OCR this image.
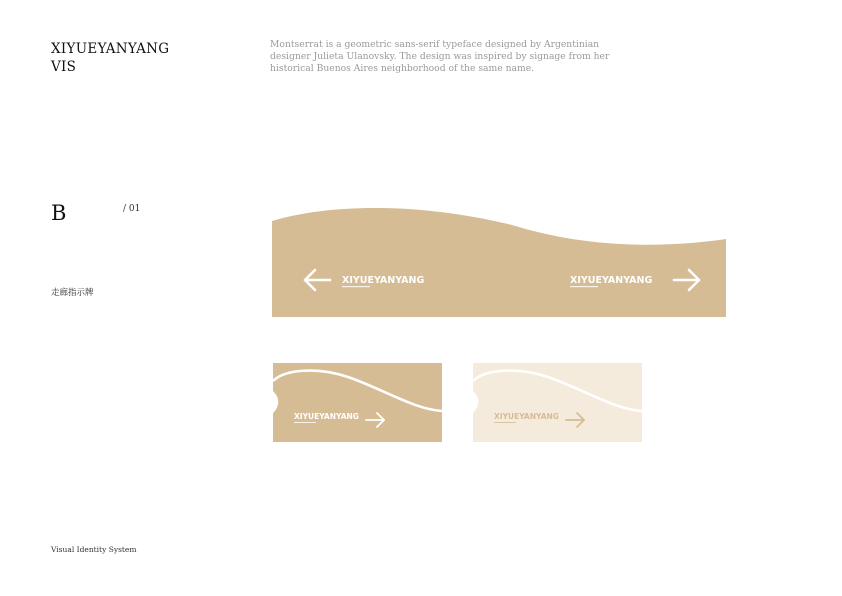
XIYUEYANYANG
VIS
Montserrat is a geometric sans-serif typeface designed by Argentinian
designer Julieta Ulanovsky. The design was inspired by signage from her
historical Buenos Aires neighborhood of the same name.
B	/ 01
走廊指示牌
XIYUEYANYANG	XIYUEYANYANG
XIYUEYANYANG	XIYUEYANYANG
Visual Identity System
